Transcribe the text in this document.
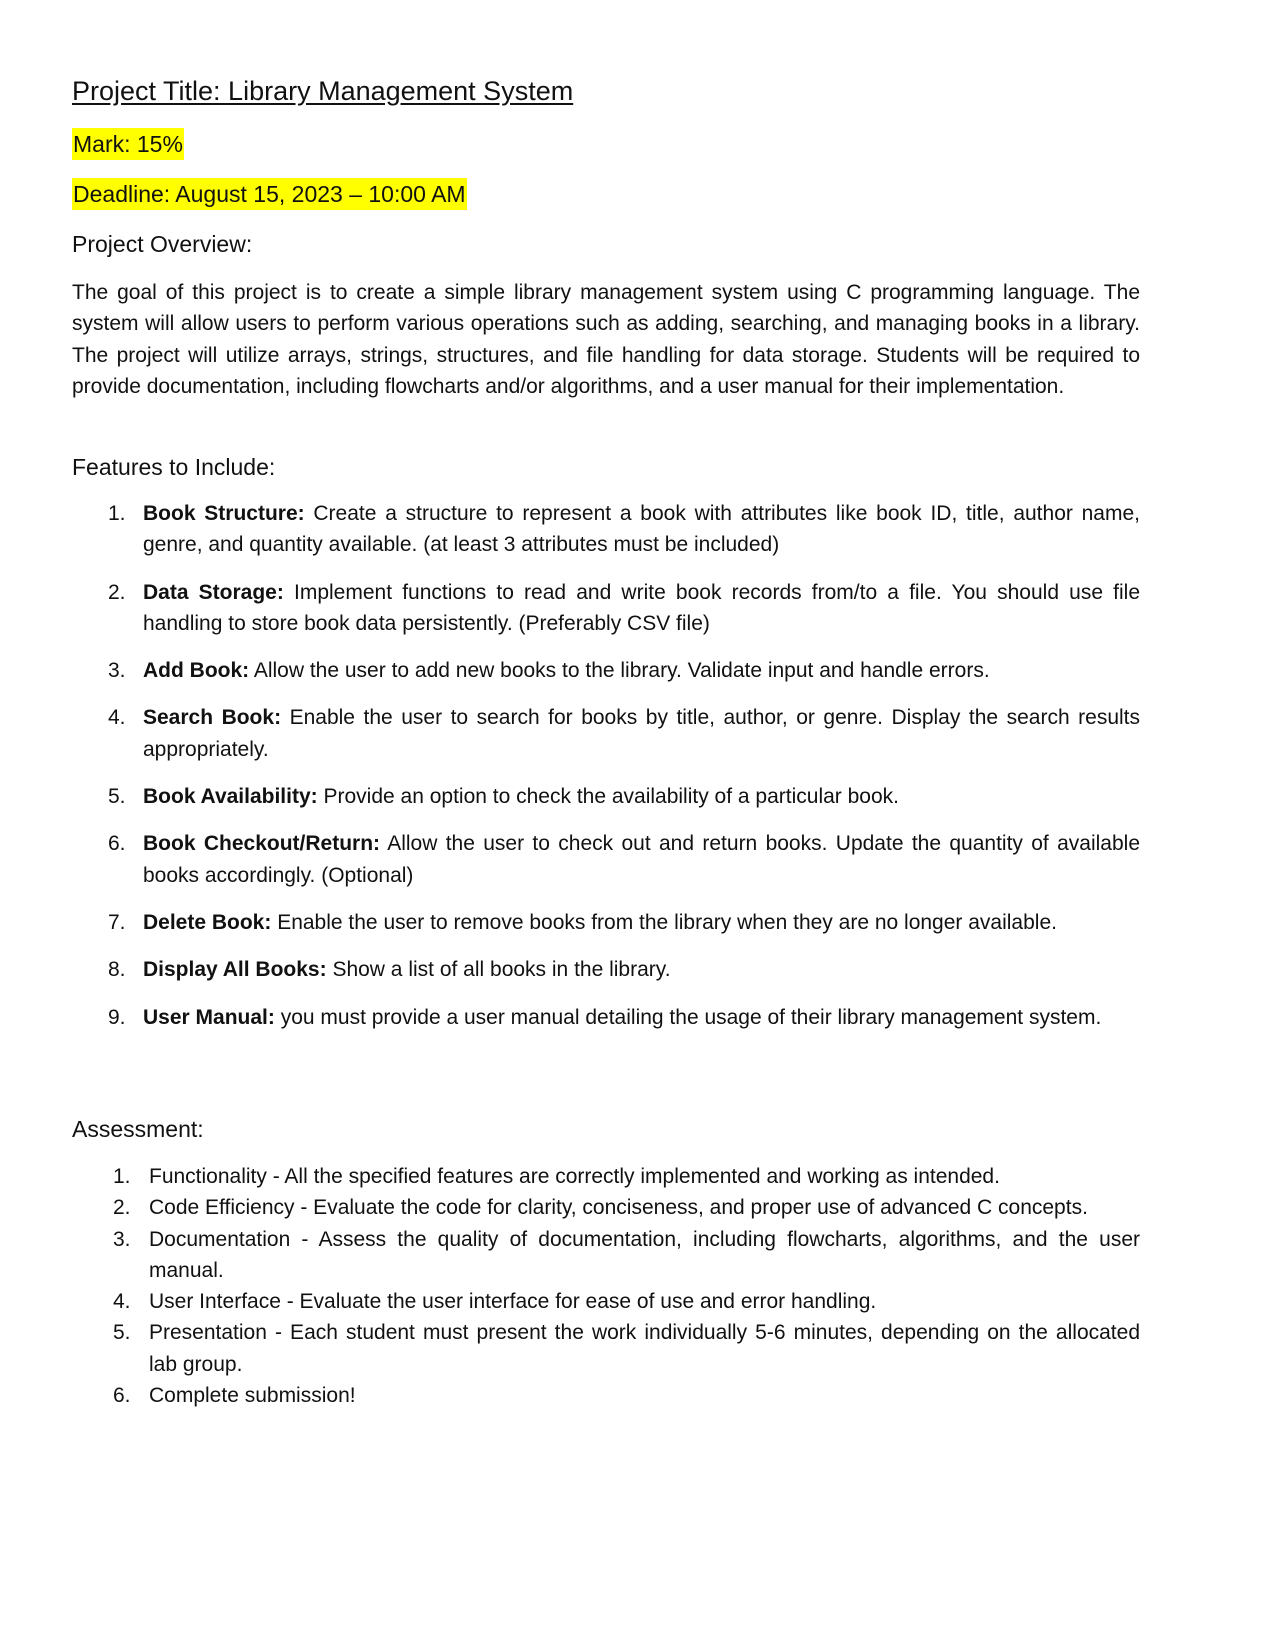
Project Title: Library Management System
Mark: 15%
Deadline: August 15, 2023 – 10:00 AM
Project Overview:

The goal of this project is to create a simple library management system using C programming language. The system will allow users to perform various operations such as adding, searching, and managing books in a library. The project will utilize arrays, strings, structures, and file handling for data storage. Students will be required to provide documentation, including flowcharts and/or algorithms, and a user manual for their implementation.

Features to Include:
1. Book Structure: Create a structure to represent a book with attributes like book ID, title, author name, genre, and quantity available. (at least 3 attributes must be included)
2. Data Storage: Implement functions to read and write book records from/to a file. You should use file handling to store book data persistently. (Preferably CSV file)
3. Add Book: Allow the user to add new books to the library. Validate input and handle errors.
4. Search Book: Enable the user to search for books by title, author, or genre. Display the search results appropriately.
5. Book Availability: Provide an option to check the availability of a particular book.
6. Book Checkout/Return: Allow the user to check out and return books. Update the quantity of available books accordingly. (Optional)
7. Delete Book: Enable the user to remove books from the library when they are no longer available.
8. Display All Books: Show a list of all books in the library.
9. User Manual: you must provide a user manual detailing the usage of their library management system.
Assessment:
1. Functionality - All the specified features are correctly implemented and working as intended.
2. Code Efficiency - Evaluate the code for clarity, conciseness, and proper use of advanced C concepts.
3. Documentation - Assess the quality of documentation, including flowcharts, algorithms, and the user manual.
4. User Interface - Evaluate the user interface for ease of use and error handling.
5. Presentation - Each student must present the work individually 5-6 minutes, depending on the allocated lab group.
6. Complete submission!
